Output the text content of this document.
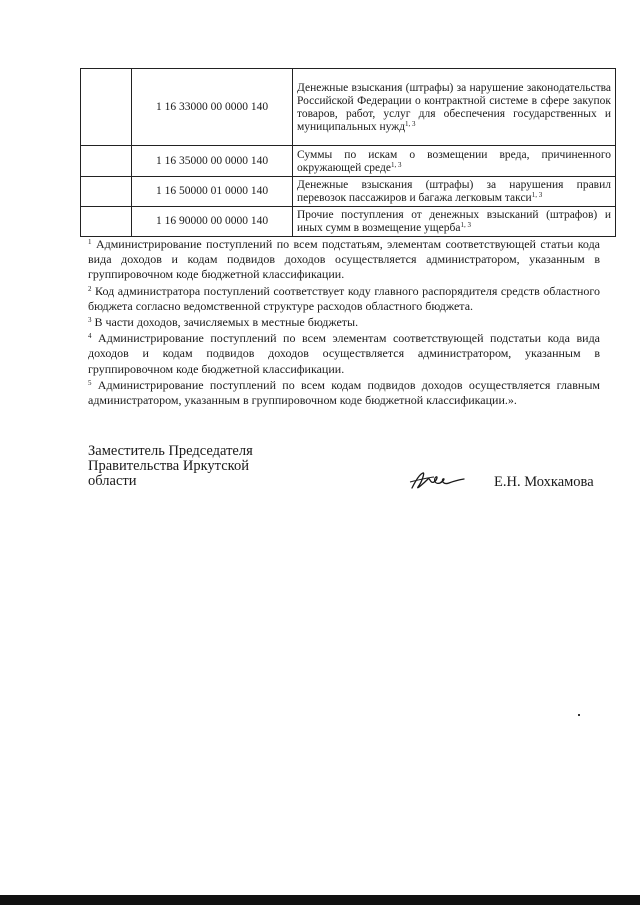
	1 16 33000 00 0000 140	Денежные взыскания (штрафы) за нарушение законодательства Российской Федерации о контрактной системе в сфере закупок товаров, работ, услуг для обеспечения государственных и муниципальных нужд$^{1, 3}$
	1 16 35000 00 0000 140	Суммы по искам о возмещении вреда, причиненного окружающей среде$^{1, 3}$
	1 16 50000 01 0000 140	Денежные взыскания (штрафы) за нарушения правил перевозок пассажиров и багажа легковым такси$^{1, 3}$
	1 16 90000 00 0000 140	Прочие поступления от денежных взысканий (штрафов) и иных сумм в возмещение ущерба$^{1, 3}$

$^1$ Администрирование поступлений по всем подстатьям, элементам соответствующей статьи кода вида доходов и кодам подвидов доходов осуществляется администратором, указанным в группировочном коде бюджетной классификации.

$^2$ Код администратора поступлений соответствует коду главного распорядителя средств областного бюджета согласно ведомственной структуре расходов областного бюджета.

$^3$ В части доходов, зачисляемых в местные бюджеты.

$^4$ Администрирование поступлений по всем элементам соответствующей подстатьи кода вида доходов и кодам подвидов доходов осуществляется администратором, указанным в группировочном коде бюджетной классификации.

$^5$ Администрирование поступлений по всем кодам подвидов доходов осуществляется главным администратором, указанным в группировочном коде бюджетной классификации.».

Заместитель Председателя
Правительства Иркутской
области	Е.Н. Мохкамова
